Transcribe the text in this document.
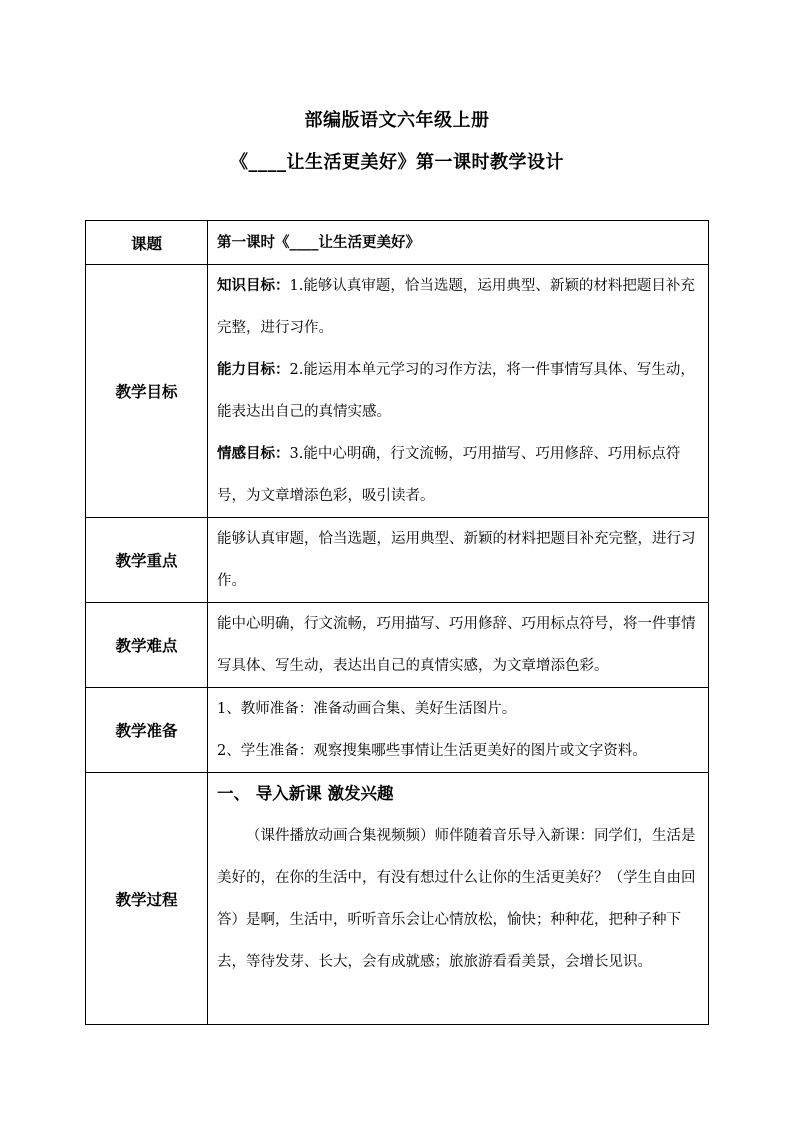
部编版语文六年级上册
《____让生活更美好》第一课时教学设计
课题	第一课时《____让生活更美好》
教学目标	知识目标：1.能够认真审题，恰当选题，运用典型、新颖的材料把题目补充完整，进行习作。

能力目标：2.能运用本单元学习的习作方法，将一件事情写具体、写生动，能表达出自己的真情实感。

情感目标：3.能中心明确，行文流畅，巧用描写、巧用修辞、巧用标点符号，为文章增添色彩，吸引读者。

教学重点	能够认真审题，恰当选题，运用典型、新颖的材料把题目补充完整，进行习作。
教学难点	能中心明确，行文流畅，巧用描写、巧用修辞、巧用标点符号，将一件事情写具体、写生动，表达出自己的真情实感，为文章增添色彩。
教学准备	1、教师准备：准备动画合集、美好生活图片。

2、学生准备：观察搜集哪些事情让生活更美好的图片或文字资料。

教学过程	一、 导入新课 激发兴趣

（课件播放动画合集视频频）师伴随着音乐导入新课：同学们，生活是美好的，在你的生活中，有没有想过什么让你的生活更美好？（学生自由回答）是啊，生活中，听听音乐会让心情放松，愉快；种种花，把种子种下去，等待发芽、长大，会有成就感；旅旅游看看美景，会增长见识。
